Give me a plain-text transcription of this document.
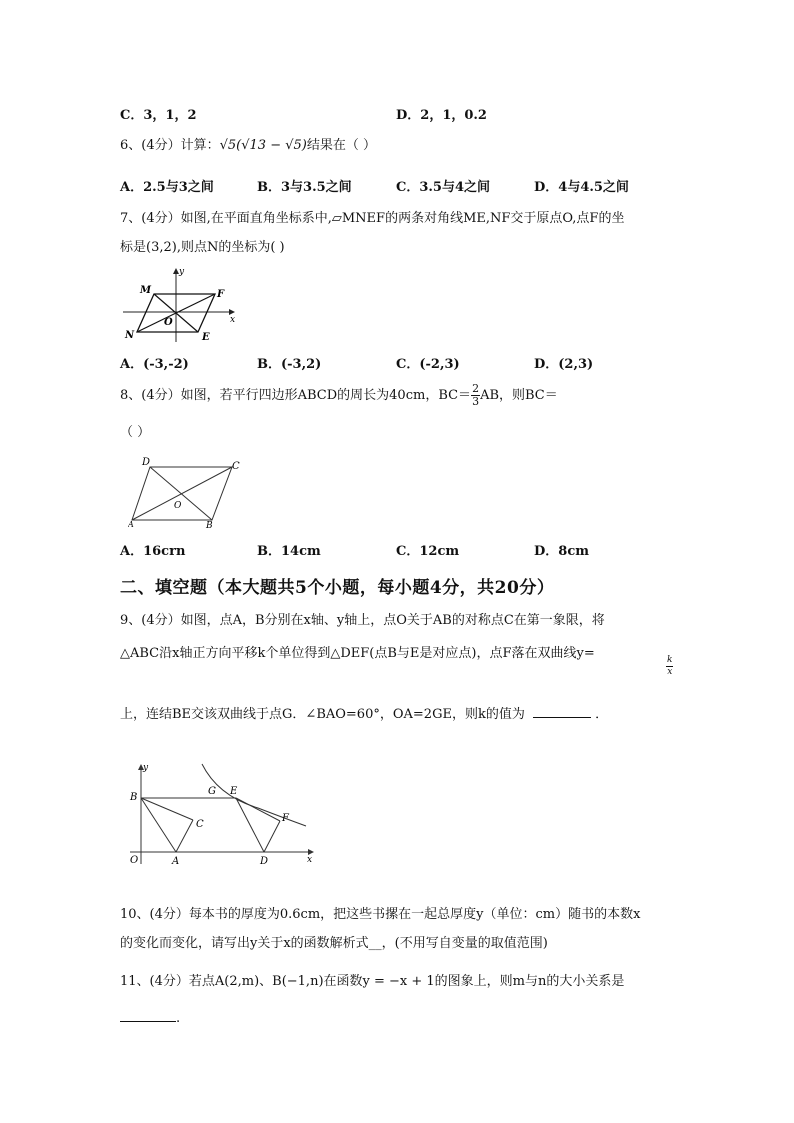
C．3，1，2	D．2，1，0.2
6、(4分）计算：√5(√13 − √5)结果在（ ）
A．2.5与3之间	B．3与3.5之间	C．3.5与4之间	D．4与4.5之间
7、(4分）如图,在平面直角坐标系中,▱MNEF的两条对角线ME,NF交于原点O,点F的坐
标是(3,2),则点N的坐标为( )
M	F
N
O
E
x
y
A．(-3,-2)	B．(-3,2)	C．(-2,3)	D．(2,3)
8、(4分）如图，若平行四边形ABCD的周长为40cm，$BC= \frac{2}{3}$ AB，则BC＝
（ ）
D	C
O
A	B
A．16crn	B．14cm	C．12cm	D．8cm
二、填空题（本大题共5个小题，每小题4分，共20分）
9、(4分）如图，点A，B分别在x轴、y轴上，点O关于AB的对称点C在第一象限，将
△ABC沿x轴正方向平移k个单位得到△DEF(点B与E是对应点)，点F落在双曲线y=
$\frac{k}{x}$
上，连结BE交该双曲线于点G．∠BAO=60°，OA=2GE，则k的值为	．
y
B
G E
C
F
O	A	D	x
10、(4分）每本书的厚度为0.6cm，把这些书摞在一起总厚度y（单位：cm）随书的本数x
的变化而变化，请写出y关于x的函数解析式__，(不用写自变量的取值范围)
11、(4分）若点A(2,m)、B(−1,n)在函数y = −x + 1的图象上，则m与n的大小关系是
.
